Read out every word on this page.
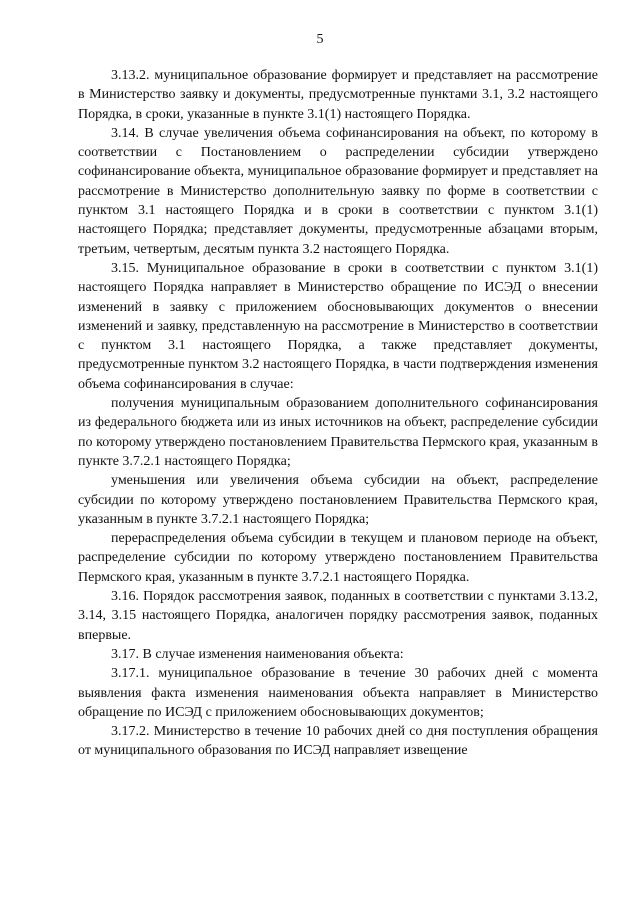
5

3.13.2. муниципальное образование формирует и представляет на рассмотрение в Министерство заявку и документы, предусмотренные пунктами 3.1, 3.2 настоящего Порядка, в сроки, указанные в пункте 3.1(1) настоящего Порядка.

3.14. В случае увеличения объема софинансирования на объект, по которому в соответствии с Постановлением о распределении субсидии утверждено софинансирование объекта, муниципальное образование формирует и представляет на рассмотрение в Министерство дополнительную заявку по форме в соответствии с пунктом 3.1 настоящего Порядка и в сроки в соответствии с пунктом 3.1(1) настоящего Порядка; представляет документы, предусмотренные абзацами вторым, третьим, четвертым, десятым пункта 3.2 настоящего Порядка.

3.15. Муниципальное образование в сроки в соответствии с пунктом 3.1(1) настоящего Порядка направляет в Министерство обращение по ИСЭД о внесении изменений в заявку с приложением обосновывающих документов о внесении изменений и заявку, представленную на рассмотрение в Министерство в соответствии с пунктом 3.1 настоящего Порядка, а также представляет документы, предусмотренные пунктом 3.2 настоящего Порядка, в части подтверждения изменения объема софинансирования в случае:

получения муниципальным образованием дополнительного софинансирования из федерального бюджета или из иных источников на объект, распределение субсидии по которому утверждено постановлением Правительства Пермского края, указанным в пункте 3.7.2.1 настоящего Порядка;

уменьшения или увеличения объема субсидии на объект, распределение субсидии по которому утверждено постановлением Правительства Пермского края, указанным в пункте 3.7.2.1 настоящего Порядка;

перераспределения объема субсидии в текущем и плановом периоде на объект, распределение субсидии по которому утверждено постановлением Правительства Пермского края, указанным в пункте 3.7.2.1 настоящего Порядка.

3.16. Порядок рассмотрения заявок, поданных в соответствии с пунктами 3.13.2, 3.14, 3.15 настоящего Порядка, аналогичен порядку рассмотрения заявок, поданных впервые.

3.17. В случае изменения наименования объекта:

3.17.1. муниципальное образование в течение 30 рабочих дней с момента выявления факта изменения наименования объекта направляет в Министерство обращение по ИСЭД с приложением обосновывающих документов;

3.17.2. Министерство в течение 10 рабочих дней со дня поступления обращения от муниципального образования по ИСЭД направляет извещение
